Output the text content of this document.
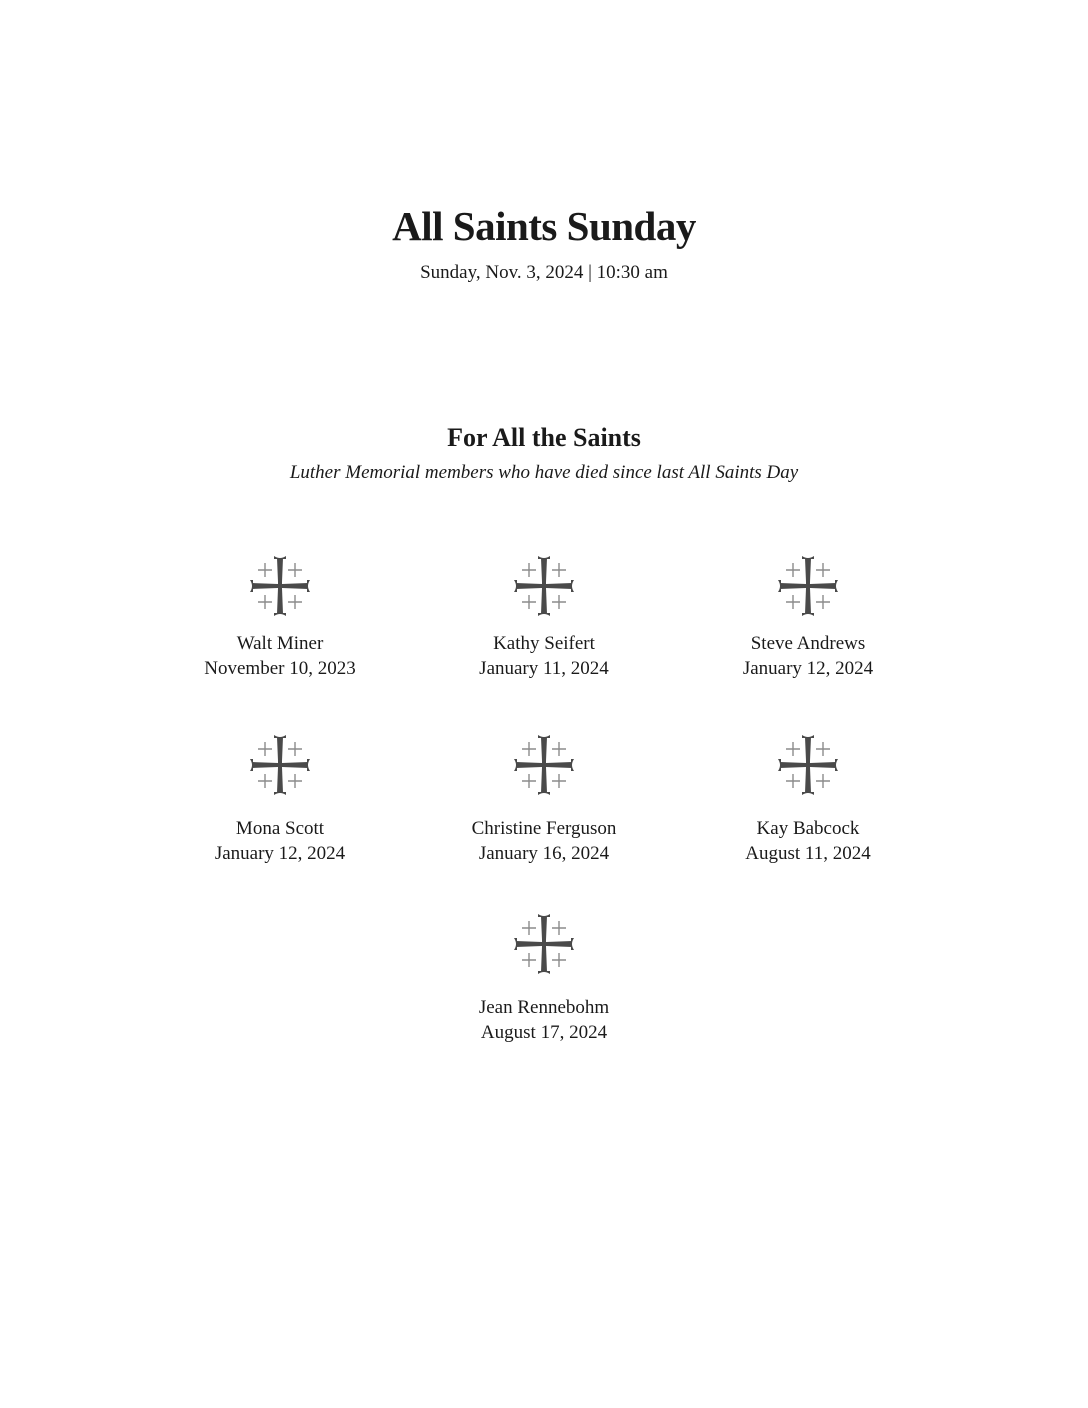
All Saints Sunday
Sunday, Nov. 3, 2024 | 10:30 am
For All the Saints
Luther Memorial members who have died since last All Saints Day
Walt Miner
November 10, 2023
Kathy Seifert
January 11, 2024
Steve Andrews
January 12, 2024
Mona Scott
January 12, 2024
Christine Ferguson
January 16, 2024
Kay Babcock
August 11, 2024
Jean Rennebohm
August 17, 2024
